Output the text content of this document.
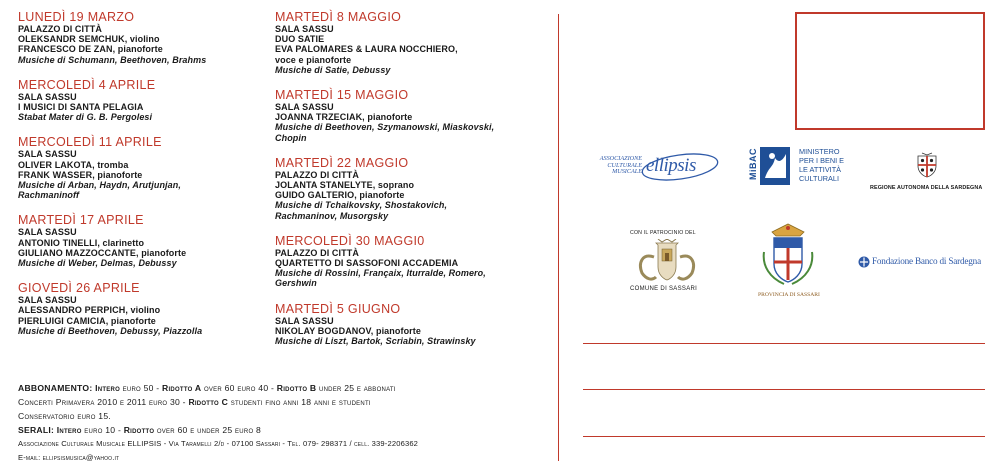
LUNEDÌ 19 MARZO
PALAZZO DI CITTÀ
OLEKSANDR SEMCHUK, violino
FRANCESCO DE ZAN, pianoforte
Musiche di Schumann, Beethoven, Brahms
MERCOLEDÌ 4 APRILE
SALA SASSU
I MUSICI DI SANTA PELAGIA
Stabat Mater di G. B. Pergolesi
MERCOLEDÌ 11 APRILE
SALA SASSU
OLIVER LAKOTA, tromba
FRANK WASSER, pianoforte
Musiche di Arban, Haydn, Arutjunjan,
Rachmaninoff
MARTEDÌ 17 APRILE
SALA SASSU
ANTONIO TINELLI, clarinetto
GIULIANO MAZZOCCANTE, pianoforte
Musiche di Weber, Delmas, Debussy
GIOVEDÌ 26 APRILE
SALA SASSU
ALESSANDRO PERPICH, violino
PIERLUIGI CAMICIA, pianoforte
Musiche di Beethoven, Debussy, Piazzolla
MARTEDÌ 8 MAGGIO
SALA SASSU
DUO SATIE
EVA PALOMARES & LAURA NOCCHIERO,
voce e pianoforte
Musiche di Satie, Debussy
MARTEDÌ 15 MAGGIO
SALA SASSU
JOANNA TRZECIAK, pianoforte
Musiche di Beethoven, Szymanowski, Miaskovski,
Chopin
MARTEDÌ 22 MAGGIO
PALAZZO DI CITTÀ
JOLANTA STANELYTE, soprano
GUIDO GALTERIO, pianoforte
Musiche di Tchaikovsky, Shostakovich,
Rachmaninov, Musorgsky
MERCOLEDÌ 30 MAGGI0
PALAZZO DI CITTÀ
QUARTETTO DI SASSOFONI ACCADEMIA
Musiche di Rossini, Françaix, Iturralde, Romero,
Gershwin
MARTEDÌ 5 GIUGNO
SALA SASSU
NIKOLAY BOGDANOV, pianoforte
Musiche di Liszt, Bartok, Scriabin, Strawinsky
ABBONAMENTO: Intero euro 50 - Ridotto A over 60 euro 40 - Ridotto B under 25 e abbonati
Concerti Primavera 2010 e 2011 euro 30 - Ridotto C studenti fino anni 18 anni e studenti
Conservatorio euro 15.
SERALI: Intero euro 10 - Ridotto over 60 e under 25 euro 8
Associazione Culturale Musicale ELLIPSIS - Via Taramelli 2/d - 07100 Sassari - Tel. 079- 298371 / cell. 339-2206362
E-mail: ellipsismusica@yahoo.it
ASSOCIAZIONE
CULTURALE
MUSICALE ellipsis	MiBAC	MINISTERO
PER I BENI E
LE ATTIVITÀ
CULTURALI
REGIONE AUTONOMA DELLA SARDEGNA
CON IL PATROCINIO DEL
COMUNE DI SASSARI
PROVINCIA DI SASSARI
Fondazione Banco di Sardegna
